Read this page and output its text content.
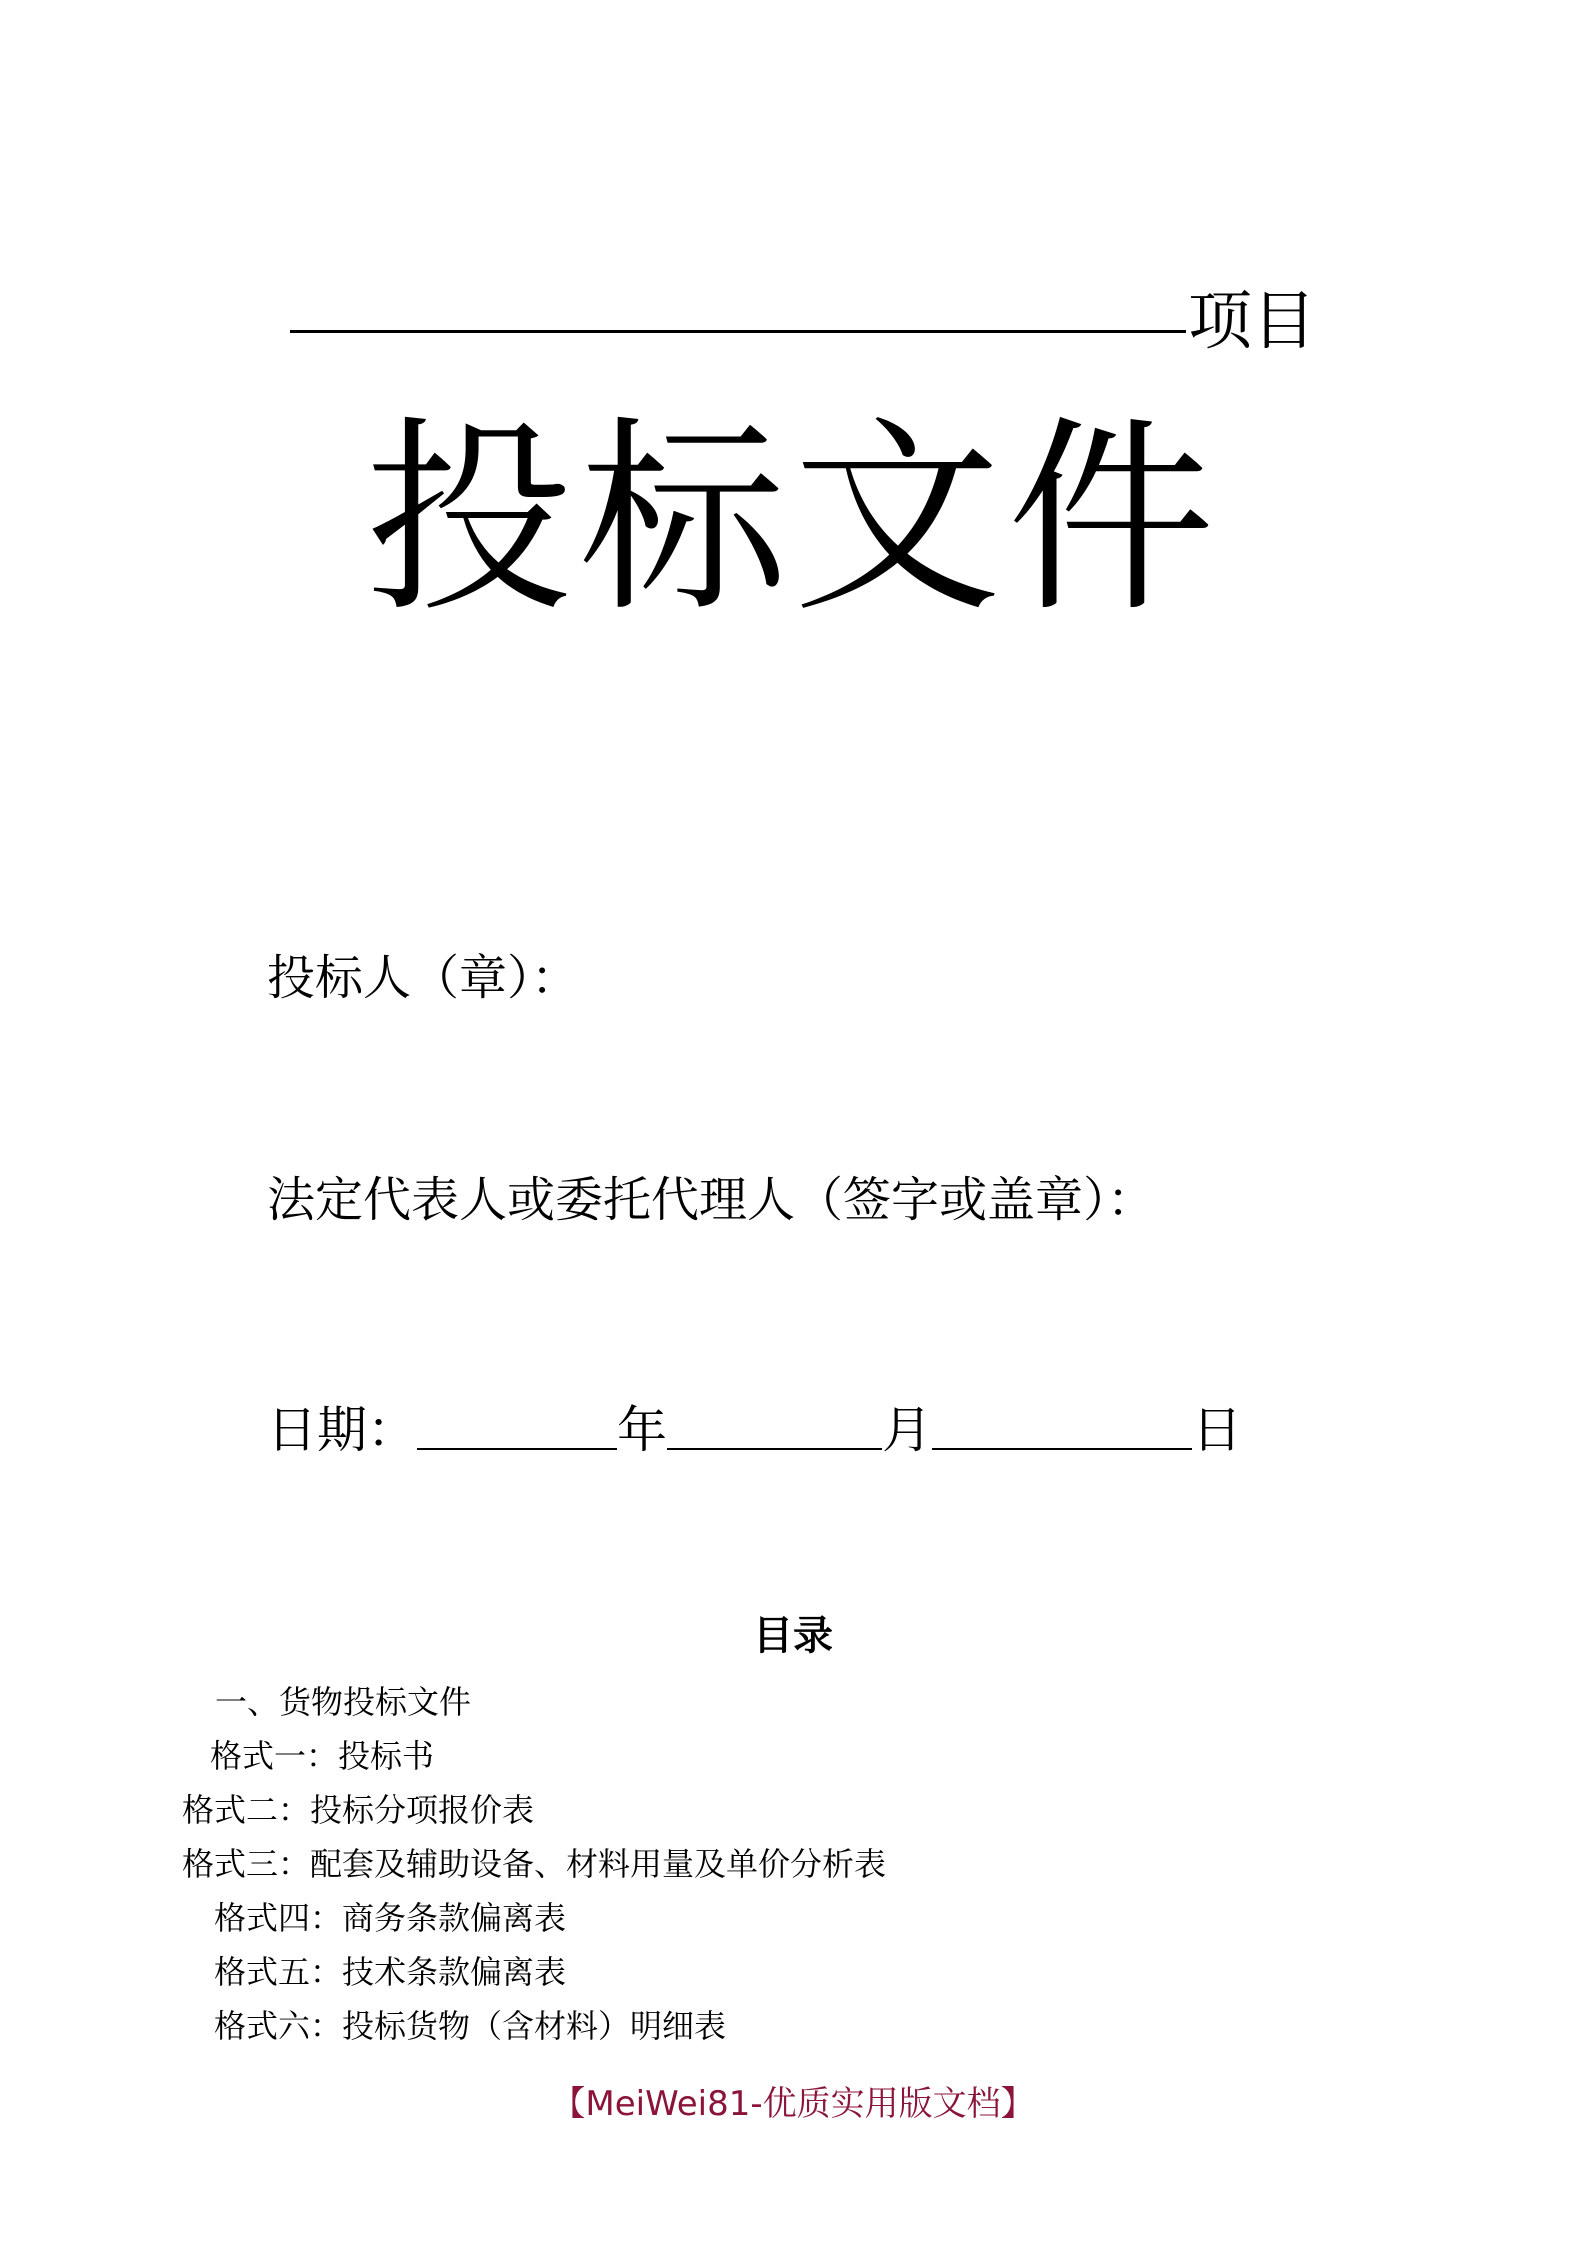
项目
投标文件
投标人（章）：
法定代表人或委托代理人（签字或盖章）：
日期：	年	月	日
目录
一、货物投标文件
格式一：投标书
格式二：投标分项报价表
格式三：配套及辅助设备、材料用量及单价分析表
格式四：商务条款偏离表
格式五：技术条款偏离表
格式六：投标货物（含材料）明细表
【MeiWei81-优质实用版文档】
